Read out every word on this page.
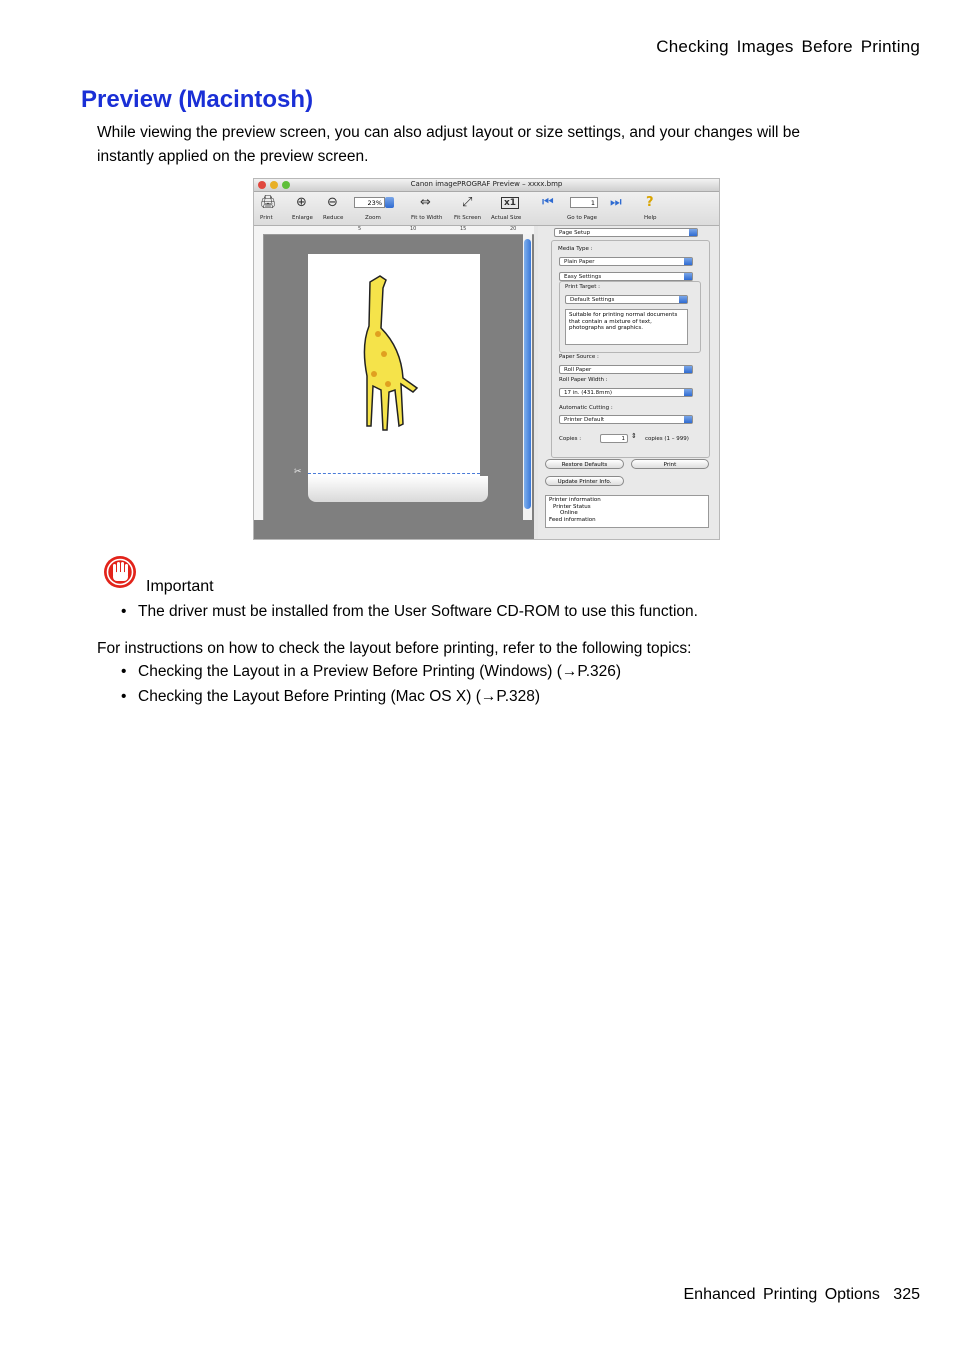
Checking Images Before Printing
Preview (Macintosh)
While viewing the preview screen, you can also adjust layout or size settings, and your changes will be instantly applied on the preview screen.
Canon imagePROGRAF Preview – xxxx.bmp
🖨
Print
⊕
Enlarge
⊖
Reduce
23%
Zoom
⇔
Fit to Width
⤢
Fit Screen
x1
Actual Size
⏮	1 ⏭
Go to Page
?
Help
5	10	15	20
✂
Page Setup
Media Type :
Plain Paper
Easy Settings
Print Target :
Default Settings
Suitable for printing normal documents that contain a mixture of text, photographs and graphics.
Paper Source :
Roll Paper
Roll Paper Width :
17 in. (431.8mm)
Automatic Cutting :
Printer Default
Copies :	1 ⇕ copies (1 – 999)
Restore Defaults	Print
Update Printer Info.
Printer information
Printer Status
Online
Feed information
Important
• The driver must be installed from the User Software CD-ROM to use this function.
For instructions on how to check the layout before printing, refer to the following topics:
• Checking the Layout in a Preview Before Printing (Windows) (→P.326)
• Checking the Layout Before Printing (Mac OS X) (→P.328)
Enhanced Printing Options 325
